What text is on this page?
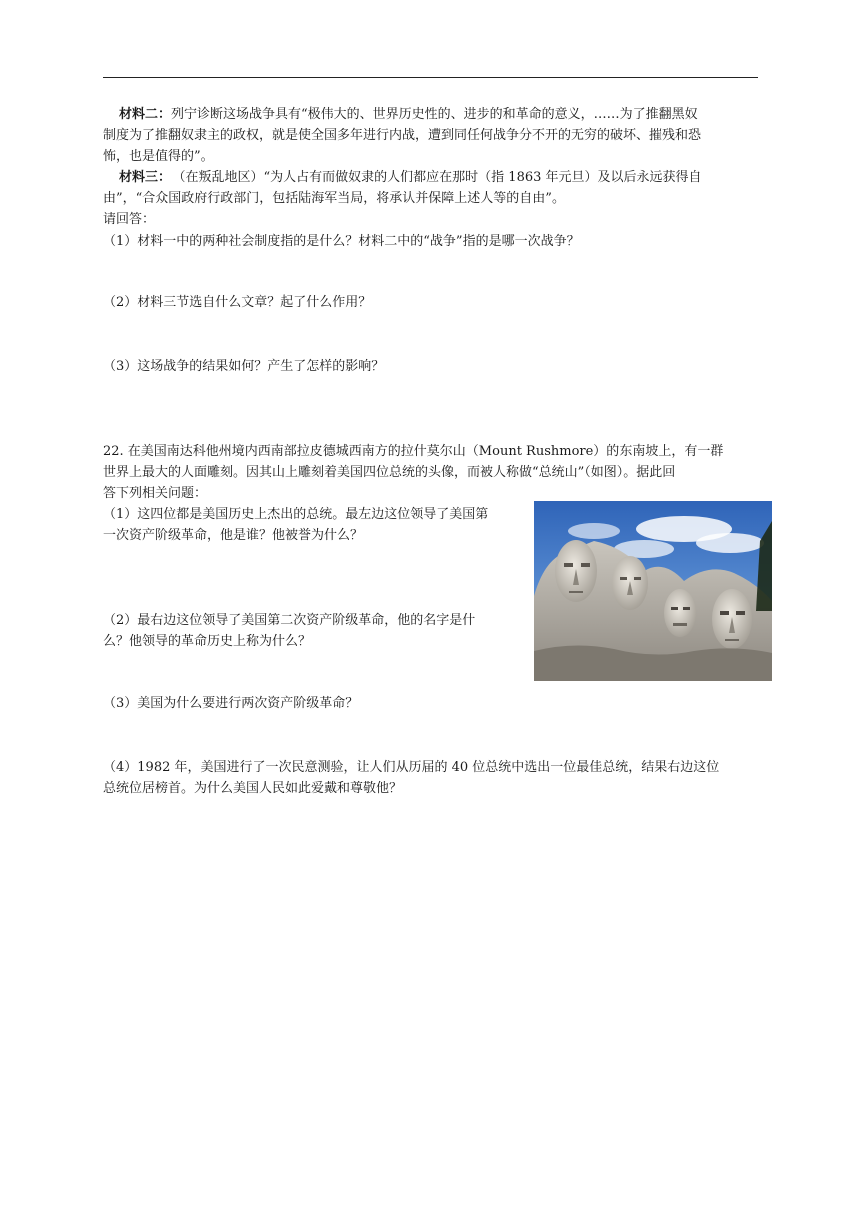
材料二：列宁诊断这场战争具有“极伟大的、世界历史性的、进步的和革命的意义，……为了推翻黑奴
制度为了推翻奴隶主的政权，就是使全国多年进行内战，遭到同任何战争分不开的无穷的破坏、摧残和恐
怖，也是值得的”。
材料三： （在叛乱地区）“为人占有而做奴隶的人们都应在那时（指 1863 年元旦）及以后永远获得自
由”，“合众国政府行政部门，包括陆海军当局，将承认并保障上述人等的自由”。
请回答：
（1）材料一中的两种社会制度指的是什么？材料二中的“战争”指的是哪一次战争？
（2）材料三节选自什么文章？起了什么作用？
（3）这场战争的结果如何？产生了怎样的影响？
22. 在美国南达科他州境内西南部拉皮德城西南方的拉什莫尔山（Mount Rushmore）的东南坡上，有一群
世界上最大的人面雕刻。因其山上雕刻着美国四位总统的头像，而被人称做“总统山”（如图）。据此回
答下列相关问题：
（1）这四位都是美国历史上杰出的总统。最左边这位领导了美国第
一次资产阶级革命，他是谁？他被誉为什么？
（2）最右边这位领导了美国第二次资产阶级革命，他的名字是什
么？他领导的革命历史上称为什么？
（3）美国为什么要进行两次资产阶级革命？
（4）1982 年，美国进行了一次民意测验，让人们从历届的 40 位总统中选出一位最佳总统，结果右边这位
总统位居榜首。为什么美国人民如此爱戴和尊敬他？
